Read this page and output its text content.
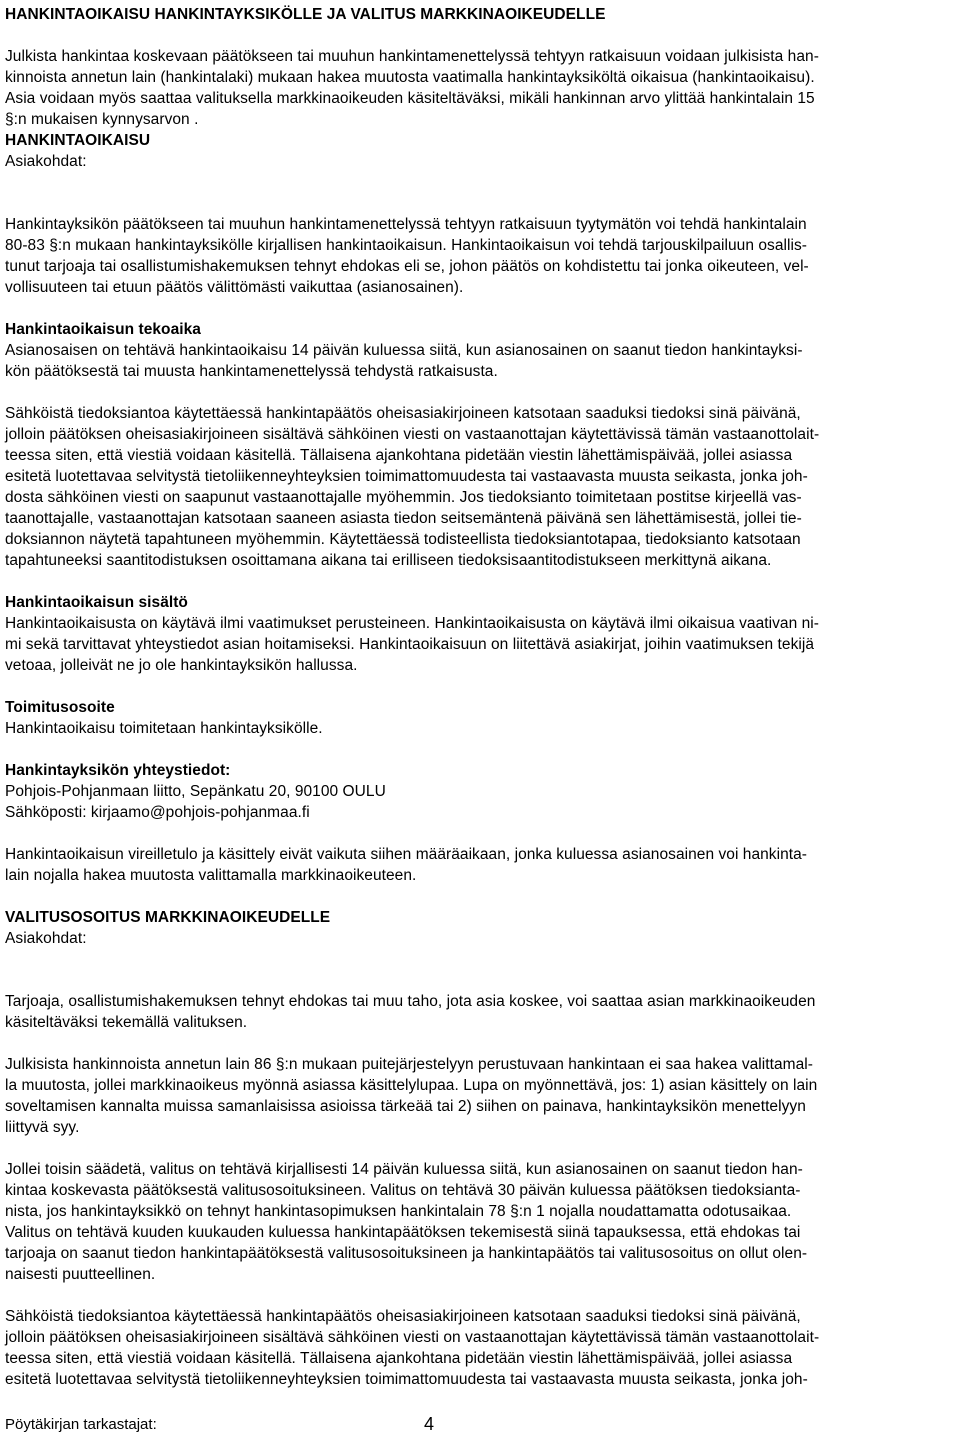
HANKINTAOIKAISU HANKINTAYKSIKÖLLE JA VALITUS MARKKINAOIKEUDELLE
Julkista hankintaa koskevaan päätökseen tai muuhun hankintamenettelyssä tehtyyn ratkaisuun voidaan julkisista han-
kinnoista annetun lain (hankintalaki) mukaan hakea muutosta vaatimalla hankintayksiköltä oikaisua (hankintaoikaisu).
Asia voidaan myös saattaa valituksella markkinaoikeuden käsiteltäväksi, mikäli hankinnan arvo ylittää hankintalain 15
§:n mukaisen kynnysarvon .
HANKINTAOIKAISU
Asiakohdat:
Hankintayksikön päätökseen tai muuhun hankintamenettelyssä tehtyyn ratkaisuun tyytymätön voi tehdä hankintalain
80-83 §:n mukaan hankintayksikölle kirjallisen hankintaoikaisun. Hankintaoikaisun voi tehdä tarjouskilpailuun osallis-
tunut tarjoaja tai osallistumishakemuksen tehnyt ehdokas eli se, johon päätös on kohdistettu tai jonka oikeuteen, vel-
vollisuuteen tai etuun päätös välittömästi vaikuttaa (asianosainen).
Hankintaoikaisun tekoaika
Asianosaisen on tehtävä hankintaoikaisu 14 päivän kuluessa siitä, kun asianosainen on saanut tiedon hankintayksi-
kön päätöksestä tai muusta hankintamenettelyssä tehdystä ratkaisusta.
Sähköistä tiedoksiantoa käytettäessä hankintapäätös oheisasiakirjoineen katsotaan saaduksi tiedoksi sinä päivänä,
jolloin päätöksen oheisasiakirjoineen sisältävä sähköinen viesti on vastaanottajan käytettävissä tämän vastaanottolait-
teessa siten, että viestiä voidaan käsitellä. Tällaisena ajankohtana pidetään viestin lähettämispäivää, jollei asiassa
esitetä luotettavaa selvitystä tietoliikenneyhteyksien toimimattomuudesta tai vastaavasta muusta seikasta, jonka joh-
dosta sähköinen viesti on saapunut vastaanottajalle myöhemmin. Jos tiedoksianto toimitetaan postitse kirjeellä vas-
taanottajalle, vastaanottajan katsotaan saaneen asiasta tiedon seitsemäntenä päivänä sen lähettämisestä, jollei tie-
doksiannon näytetä tapahtuneen myöhemmin. Käytettäessä todisteellista tiedoksiantotapaa, tiedoksianto katsotaan
tapahtuneeksi saantitodistuksen osoittamana aikana tai erilliseen tiedoksisaantitodistukseen merkittynä aikana.
Hankintaoikaisun sisältö
Hankintaoikaisusta on käytävä ilmi vaatimukset perusteineen. Hankintaoikaisusta on käytävä ilmi oikaisua vaativan ni-
mi sekä tarvittavat yhteystiedot asian hoitamiseksi. Hankintaoikaisuun on liitettävä asiakirjat, joihin vaatimuksen tekijä
vetoaa, jolleivät ne jo ole hankintayksikön hallussa.
Toimitusosoite
Hankintaoikaisu toimitetaan hankintayksikölle.
Hankintayksikön yhteystiedot:
Pohjois-Pohjanmaan liitto, Sepänkatu 20, 90100 OULU
Sähköposti: kirjaamo@pohjois-pohjanmaa.fi
Hankintaoikaisun vireilletulo ja käsittely eivät vaikuta siihen määräaikaan, jonka kuluessa asianosainen voi hankinta-
lain nojalla hakea muutosta valittamalla markkinaoikeuteen.
VALITUSOSOITUS MARKKINAOIKEUDELLE
Asiakohdat:
Tarjoaja, osallistumishakemuksen tehnyt ehdokas tai muu taho, jota asia koskee, voi saattaa asian markkinaoikeuden
käsiteltäväksi tekemällä valituksen.
Julkisista hankinnoista annetun lain 86 §:n mukaan puitejärjestelyyn perustuvaan hankintaan ei saa hakea valittamal-
la muutosta, jollei markkinaoikeus myönnä asiassa käsittelylupaa. Lupa on myönnettävä, jos: 1) asian käsittely on lain
soveltamisen kannalta muissa samanlaisissa asioissa tärkeää tai 2) siihen on painava, hankintayksikön menettelyyn
liittyvä syy.
Jollei toisin säädetä, valitus on tehtävä kirjallisesti 14 päivän kuluessa siitä, kun asianosainen on saanut tiedon han-
kintaa koskevasta päätöksestä valitusosoituksineen. Valitus on tehtävä 30 päivän kuluessa päätöksen tiedoksianta-
nista, jos hankintayksikkö on tehnyt hankintasopimuksen hankintalain 78 §:n 1 nojalla noudattamatta odotusaikaa.
Valitus on tehtävä kuuden kuukauden kuluessa hankintapäätöksen tekemisestä siinä tapauksessa, että ehdokas tai
tarjoaja on saanut tiedon hankintapäätöksestä valitusosoituksineen ja hankintapäätös tai valitusosoitus on ollut olen-
naisesti puutteellinen.
Sähköistä tiedoksiantoa käytettäessä hankintapäätös oheisasiakirjoineen katsotaan saaduksi tiedoksi sinä päivänä,
jolloin päätöksen oheisasiakirjoineen sisältävä sähköinen viesti on vastaanottajan käytettävissä tämän vastaanottolait-
teessa siten, että viestiä voidaan käsitellä. Tällaisena ajankohtana pidetään viestin lähettämispäivää, jollei asiassa
esitetä luotettavaa selvitystä tietoliikenneyhteyksien toimimattomuudesta tai vastaavasta muusta seikasta, jonka joh-
Pöytäkirjan tarkastajat:	4
